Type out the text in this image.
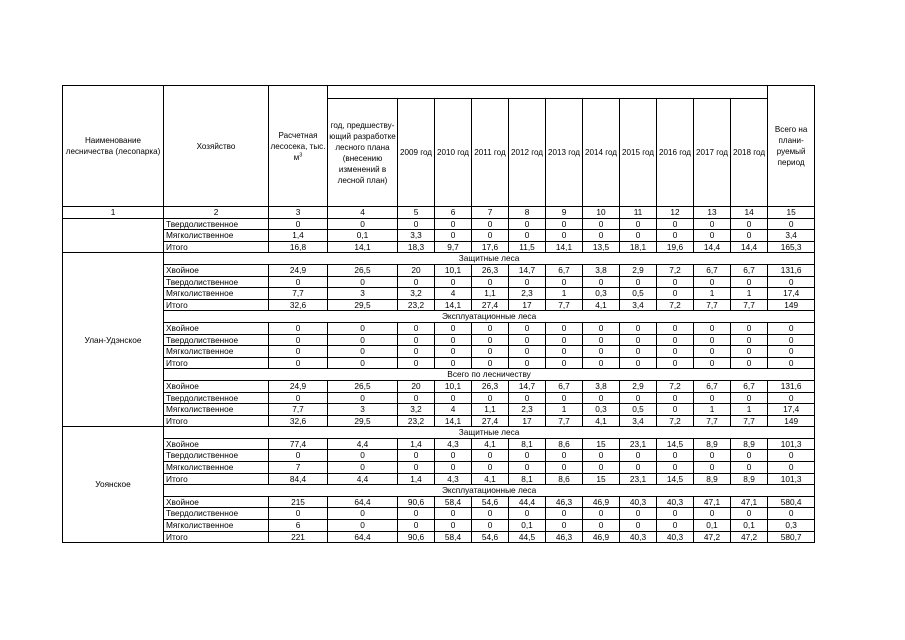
Наименование лесничества (лесопарка)	Хозяйство	Расчетная лесосека, тыс. $м^3$												Всего на плани- руемый период
			год, предшеству- ющий разработке лесного плана (внесению изменений в лесной план)	2009 год	2010 год	2011 год	2012 год	2013 год	2014 год	2015 год	2016 год	2017 год	2018 год	
1	2	3	4	5	6	7	8	9	10	11	12	13	14	15
	Твердолиственное	0	0	0	0	0	0	0	0	0	0	0	0	0
	Мягколиственное	1,4	0,1	3,3	0	0	0	0	0	0	0	0	0	3,4
	Итого	16,8	14,1	18,3	9,7	17,6	11,5	14,1	13,5	18,1	19,6	14,4	14,4	165,3
Улан-Удэнское	Защитные леса													
	Хвойное	24,9	26,5	20	10,1	26,3	14,7	6,7	3,8	2,9	7,2	6,7	6,7	131,6
	Твердолиственное	0	0	0	0	0	0	0	0	0	0	0	0	0
	Мягколиственное	7,7	3	3,2	4	1,1	2,3	1	0,3	0,5	0	1	1	17,4
	Итого	32,6	29,5	23,2	14,1	27,4	17	7,7	4,1	3,4	7,2	7,7	7,7	149
	Эксплуатационные леса													
	Хвойное	0	0	0	0	0	0	0	0	0	0	0	0	0
	Твердолиственное	0	0	0	0	0	0	0	0	0	0	0	0	0
	Мягколиственное	0	0	0	0	0	0	0	0	0	0	0	0	0
	Итого	0	0	0	0	0	0	0	0	0	0	0	0	0
	Всего по лесничеству													
	Хвойное	24,9	26,5	20	10,1	26,3	14,7	6,7	3,8	2,9	7,2	6,7	6,7	131,6
	Твердолиственное	0	0	0	0	0	0	0	0	0	0	0	0	0
	Мягколиственное	7,7	3	3,2	4	1,1	2,3	1	0,3	0,5	0	1	1	17,4
	Итого	32,6	29,5	23,2	14,1	27,4	17	7,7	4,1	3,4	7,2	7,7	7,7	149
Уоянское	Защитные леса													
	Хвойное	77,4	4,4	1,4	4,3	4,1	8,1	8,6	15	23,1	14,5	8,9	8,9	101,3
	Твердолиственное	0	0	0	0	0	0	0	0	0	0	0	0	0
	Мягколиственное	7	0	0	0	0	0	0	0	0	0	0	0	0
	Итого	84,4	4,4	1,4	4,3	4,1	8,1	8,6	15	23,1	14,5	8,9	8,9	101,3
	Эксплуатационные леса													
	Хвойное	215	64,4	90,6	58,4	54,6	44,4	46,3	46,9	40,3	40,3	47,1	47,1	580,4
	Твердолиственное	0	0	0	0	0	0	0	0	0	0	0	0	0
	Мягколиственное	6	0	0	0	0	0,1	0	0	0	0	0,1	0,1	0,3
	Итого	221	64,4	90,6	58,4	54,6	44,5	46,3	46,9	40,3	40,3	47,2	47,2	580,7
